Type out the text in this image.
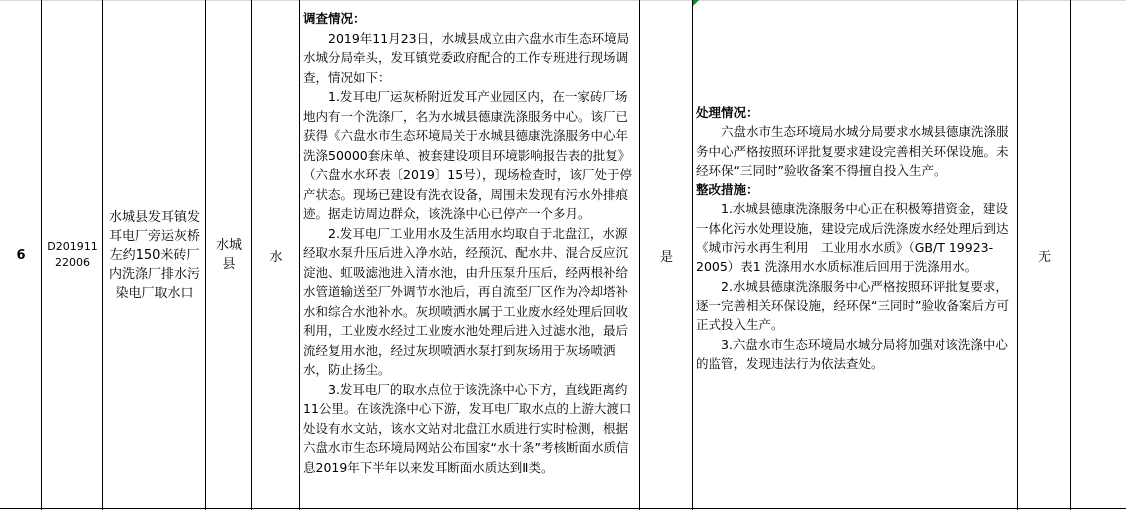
6
D201911 22006
水城县发耳镇发耳电厂旁运灰桥左约150米砖厂内洗涤厂排水污染电厂取水口
水城县	水

调查情况：

2019年11月23日，水城县成立由六盘水市生态环境局水城分局牵头，发耳镇党委政府配合的工作专班进行现场调查，情况如下：

1.发耳电厂运灰桥附近发耳产业园区内，在一家砖厂场地内有一个洗涤厂，名为水城县德康洗涤服务中心。该厂已获得《六盘水市生态环境局关于水城县德康洗涤服务中心年洗涤50000套床单、被套建设项目环境影响报告表的批复》（六盘水水环表〔2019〕15号），现场检查时，该厂处于停产状态。现场已建设有洗衣设备，周围未发现有污水外排痕迹。据走访周边群众，该洗涤中心已停产一个多月。

2.发耳电厂工业用水及生活用水均取自于北盘江，水源经取水泵升压后进入净水站，经预沉、配水井、混合反应沉淀池、虹吸滤池进入清水池，由升压泵升压后，经两根补给水管道输送至厂外调节水池后，再自流至厂区作为冷却塔补水和综合水池补水。灰坝喷洒水属于工业废水经处理后回收利用，工业废水经过工业废水池处理后进入过滤水池，最后流经复用水池，经过灰坝喷洒水泵打到灰场用于灰场喷洒水，防止扬尘。

3.发耳电厂的取水点位于该洗涤中心下方，直线距离约11公里。在该洗涤中心下游，发耳电厂取水点的上游大渡口处设有水文站，该水文站对北盘江水质进行实时检测，根据六盘水市生态环境局网站公布国家“水十条”考核断面水质信息2019年下半年以来发耳断面水质达到Ⅱ类。

是

处理情况：

六盘水市生态环境局水城分局要求水城县德康洗涤服务中心严格按照环评批复要求建设完善相关环保设施。未经环保“三同时”验收备案不得擅自投入生产。

整改措施：

1.水城县德康洗涤服务中心正在积极筹措资金，建设一体化污水处理设施，建设完成后洗涤废水经处理后到达《城市污水再生利用　工业用水水质》（GB/T 19923-2005）表1 洗涤用水水质标准后回用于洗涤用水。

2.水城县德康洗涤服务中心严格按照环评批复要求，逐一完善相关环保设施，经环保“三同时”验收备案后方可正式投入生产。

3.六盘水市生态环境局水城分局将加强对该洗涤中心的监管，发现违法行为依法查处。

无
